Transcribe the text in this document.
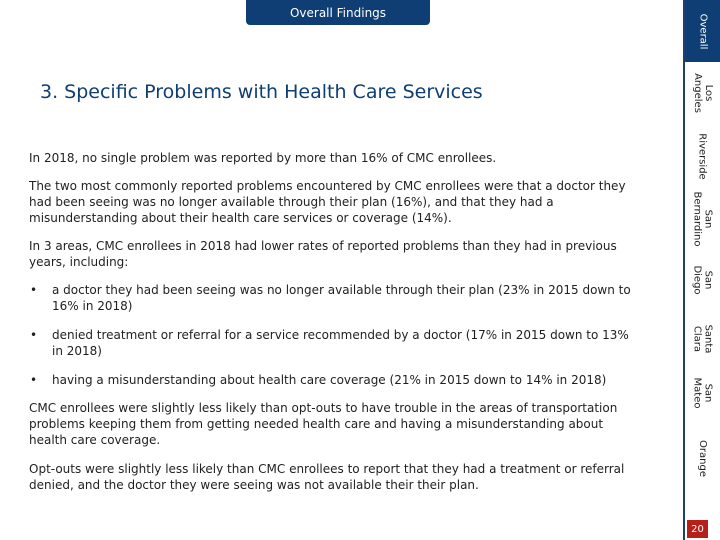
Overall Findings
3. Specific Problems with Health Care Services

In 2018, no single problem was reported by more than 16% of CMC enrollees.

The two most commonly reported problems encountered by CMC enrollees were that a doctor they had been seeing was no longer available through their plan (16%), and that they had a misunderstanding about their health care services or coverage (14%).

In 3 areas, CMC enrollees in 2018 had lower rates of reported problems than they had in previous years, including:

•	a doctor they had been seeing was no longer available through their plan (23% in 2015 down to 16% in 2018)
•	denied treatment or referral for a service recommended by a doctor (17% in 2015 down to 13% in 2018)
•	having a misunderstanding about health care coverage (21% in 2015 down to 14% in 2018)

CMC enrollees were slightly less likely than opt-outs to have trouble in the areas of transportation problems keeping them from getting needed health care and having a misunderstanding about health care coverage.

Opt-outs were slightly less likely than CMC enrollees to report that they had a treatment or referral denied, and the doctor they were seeing was not available their their plan.

Overall
Los
Angeles
Riverside
San
Bernardino
San
Diego
Santa
Clara
San
Mateo
Orange
20
